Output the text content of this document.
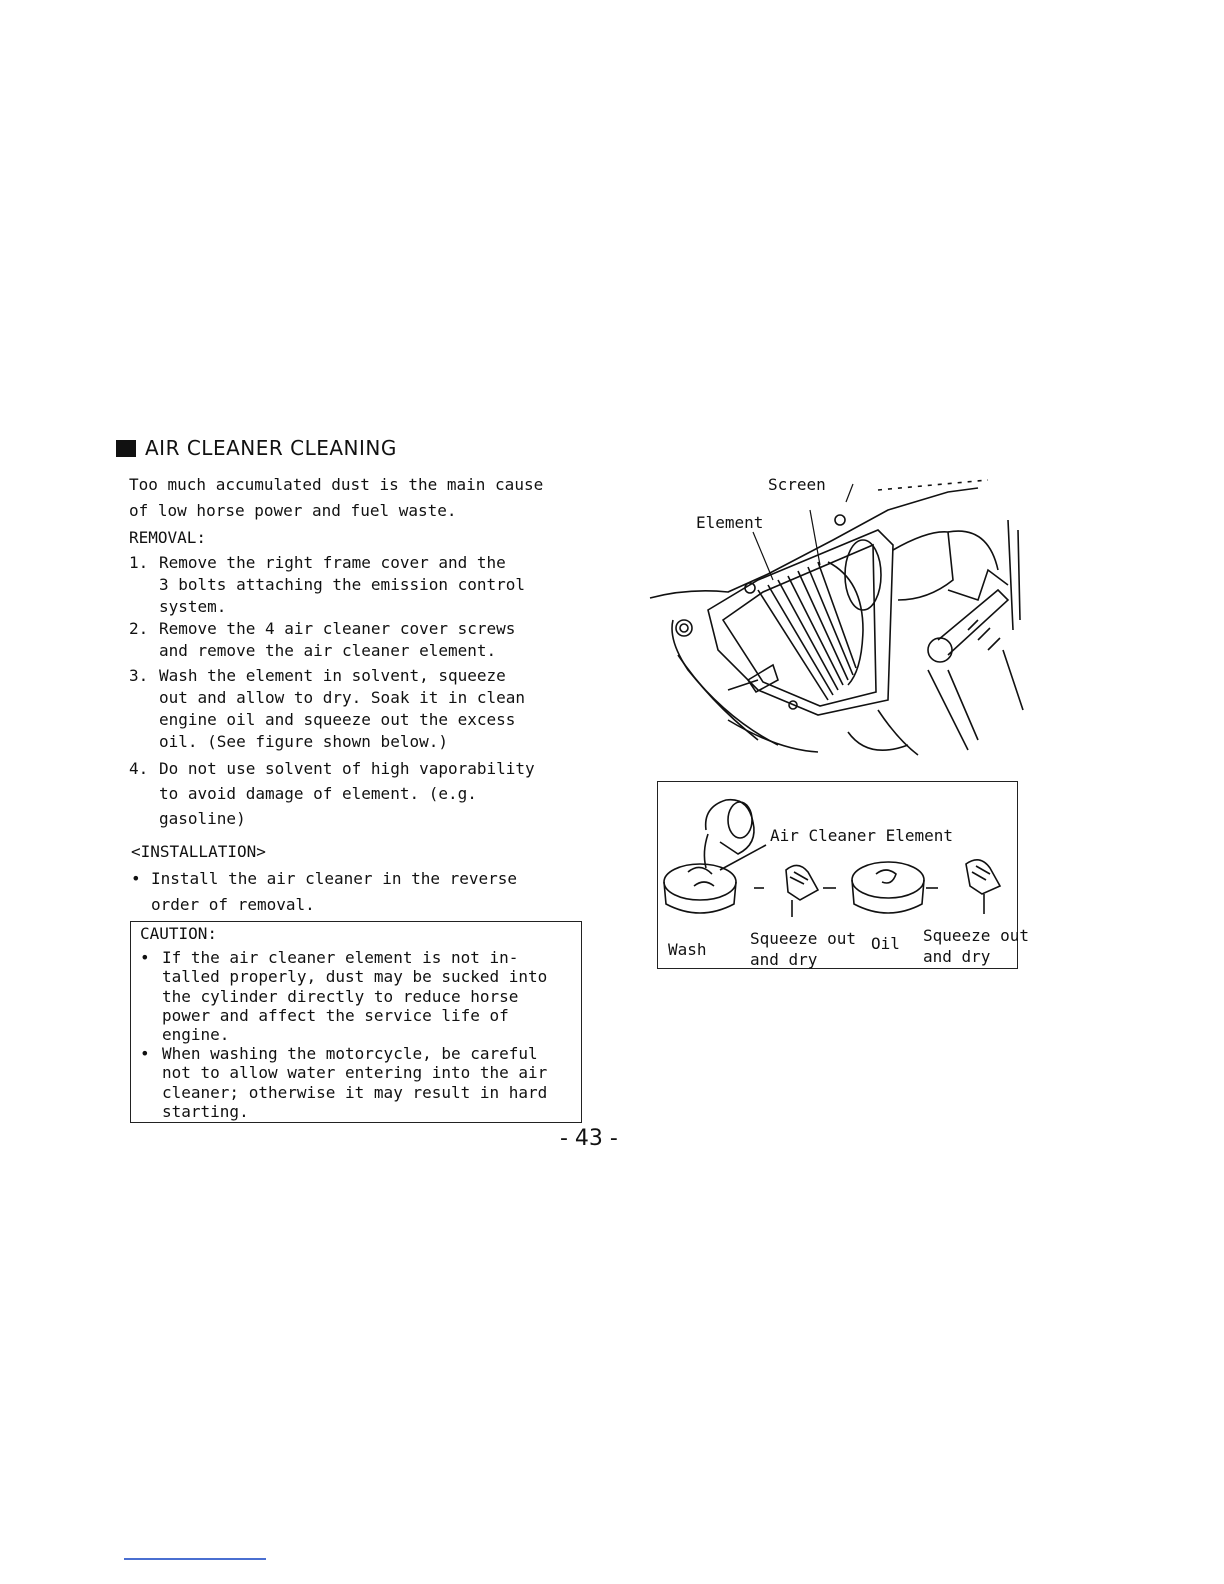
AIR CLEANER CLEANING
Too much accumulated dust is the main cause
of low horse power and fuel waste.
REMOVAL:
1. Remove the right frame cover and the
3 bolts attaching the emission control
system.
2. Remove the 4 air cleaner cover screws
and remove the air cleaner element.
3. Wash the element in solvent, squeeze
out and allow to dry. Soak it in clean
engine oil and squeeze out the excess
oil. (See figure shown below.)
4. Do not use solvent of high vaporability
to avoid damage of element. (e.g.
gasoline)
<INSTALLATION>
• Install the air cleaner in the reverse
order of removal.
CAUTION:
• If the air cleaner element is not in-
talled properly, dust may be sucked into
the cylinder directly to reduce horse
power and affect the service life of
engine.
• When washing the motorcycle, be careful
not to allow water entering into the air
cleaner; otherwise it may result in hard
starting.
Screen
Element
Air Cleaner Element
Wash
Squeeze out
and dry
Oil Squeeze out
and dry
- 43 -
